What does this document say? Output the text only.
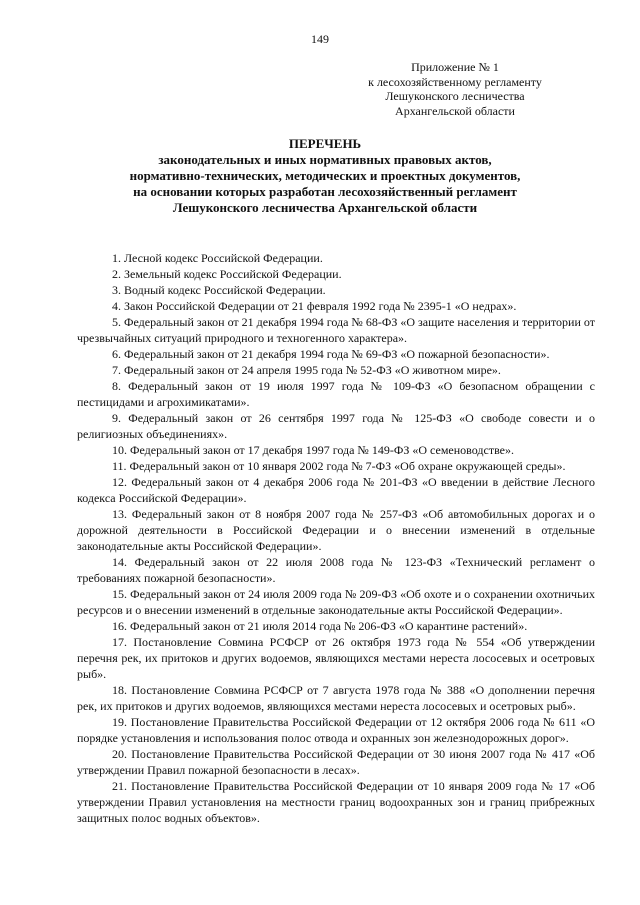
149
Приложение № 1
к лесохозяйственному регламенту
Лешуконского лесничества
Архангельской области
ПЕРЕЧЕНЬ
законодательных и иных нормативных правовых актов,
нормативно-технических, методических и проектных документов,
на основании которых разработан лесохозяйственный регламент
Лешуконского лесничества Архангельской области

1. Лесной кодекс Российской Федерации.

2. Земельный кодекс Российской Федерации.

3. Водный кодекс Российской Федерации.

4. Закон Российской Федерации от 21 февраля 1992 года № 2395-1 «О недрах».

5. Федеральный закон от 21 декабря 1994 года № 68-ФЗ «О защите населения и территории от чрезвычайных ситуаций природного и техногенного характера».

6. Федеральный закон от 21 декабря 1994 года № 69-ФЗ «О пожарной безопасности».

7. Федеральный закон от 24 апреля 1995 года № 52-ФЗ «О животном мире».

8. Федеральный закон от 19 июля 1997 года № 109-ФЗ «О безопасном обращении с пестицидами и агрохимикатами».

9. Федеральный закон от 26 сентября 1997 года № 125-ФЗ «О свободе совести и о религиозных объединениях».

10. Федеральный закон от 17 декабря 1997 года № 149-ФЗ «О семеноводстве».

11. Федеральный закон от 10 января 2002 года № 7-ФЗ «Об охране окружающей среды».

12. Федеральный закон от 4 декабря 2006 года № 201-ФЗ «О введении в действие Лесного кодекса Российской Федерации».

13. Федеральный закон от 8 ноября 2007 года № 257-ФЗ «Об автомобильных дорогах и о дорожной деятельности в Российской Федерации и о внесении изменений в отдельные законодательные акты Российской Федерации».

14. Федеральный закон от 22 июля 2008 года № 123-ФЗ «Технический регламент о требованиях пожарной безопасности».

15. Федеральный закон от 24 июля 2009 года № 209-ФЗ «Об охоте и о сохранении охотничьих ресурсов и о внесении изменений в отдельные законодательные акты Российской Федерации».

16. Федеральный закон от 21 июля 2014 года № 206-ФЗ «О карантине растений».

17. Постановление Совмина РСФСР от 26 октября 1973 года № 554 «Об утверждении перечня рек, их притоков и других водоемов, являющихся местами нереста лососевых и осетровых рыб».

18. Постановление Совмина РСФСР от 7 августа 1978 года № 388 «О дополнении перечня рек, их притоков и других водоемов, являющихся местами нереста лососевых и осетровых рыб».

19. Постановление Правительства Российской Федерации от 12 октября 2006 года № 611 «О порядке установления и использования полос отвода и охранных зон железнодорожных дорог».

20. Постановление Правительства Российской Федерации от 30 июня 2007 года № 417 «Об утверждении Правил пожарной безопасности в лесах».

21. Постановление Правительства Российской Федерации от 10 января 2009 года № 17 «Об утверждении Правил установления на местности границ водоохранных зон и границ прибрежных защитных полос водных объектов».
